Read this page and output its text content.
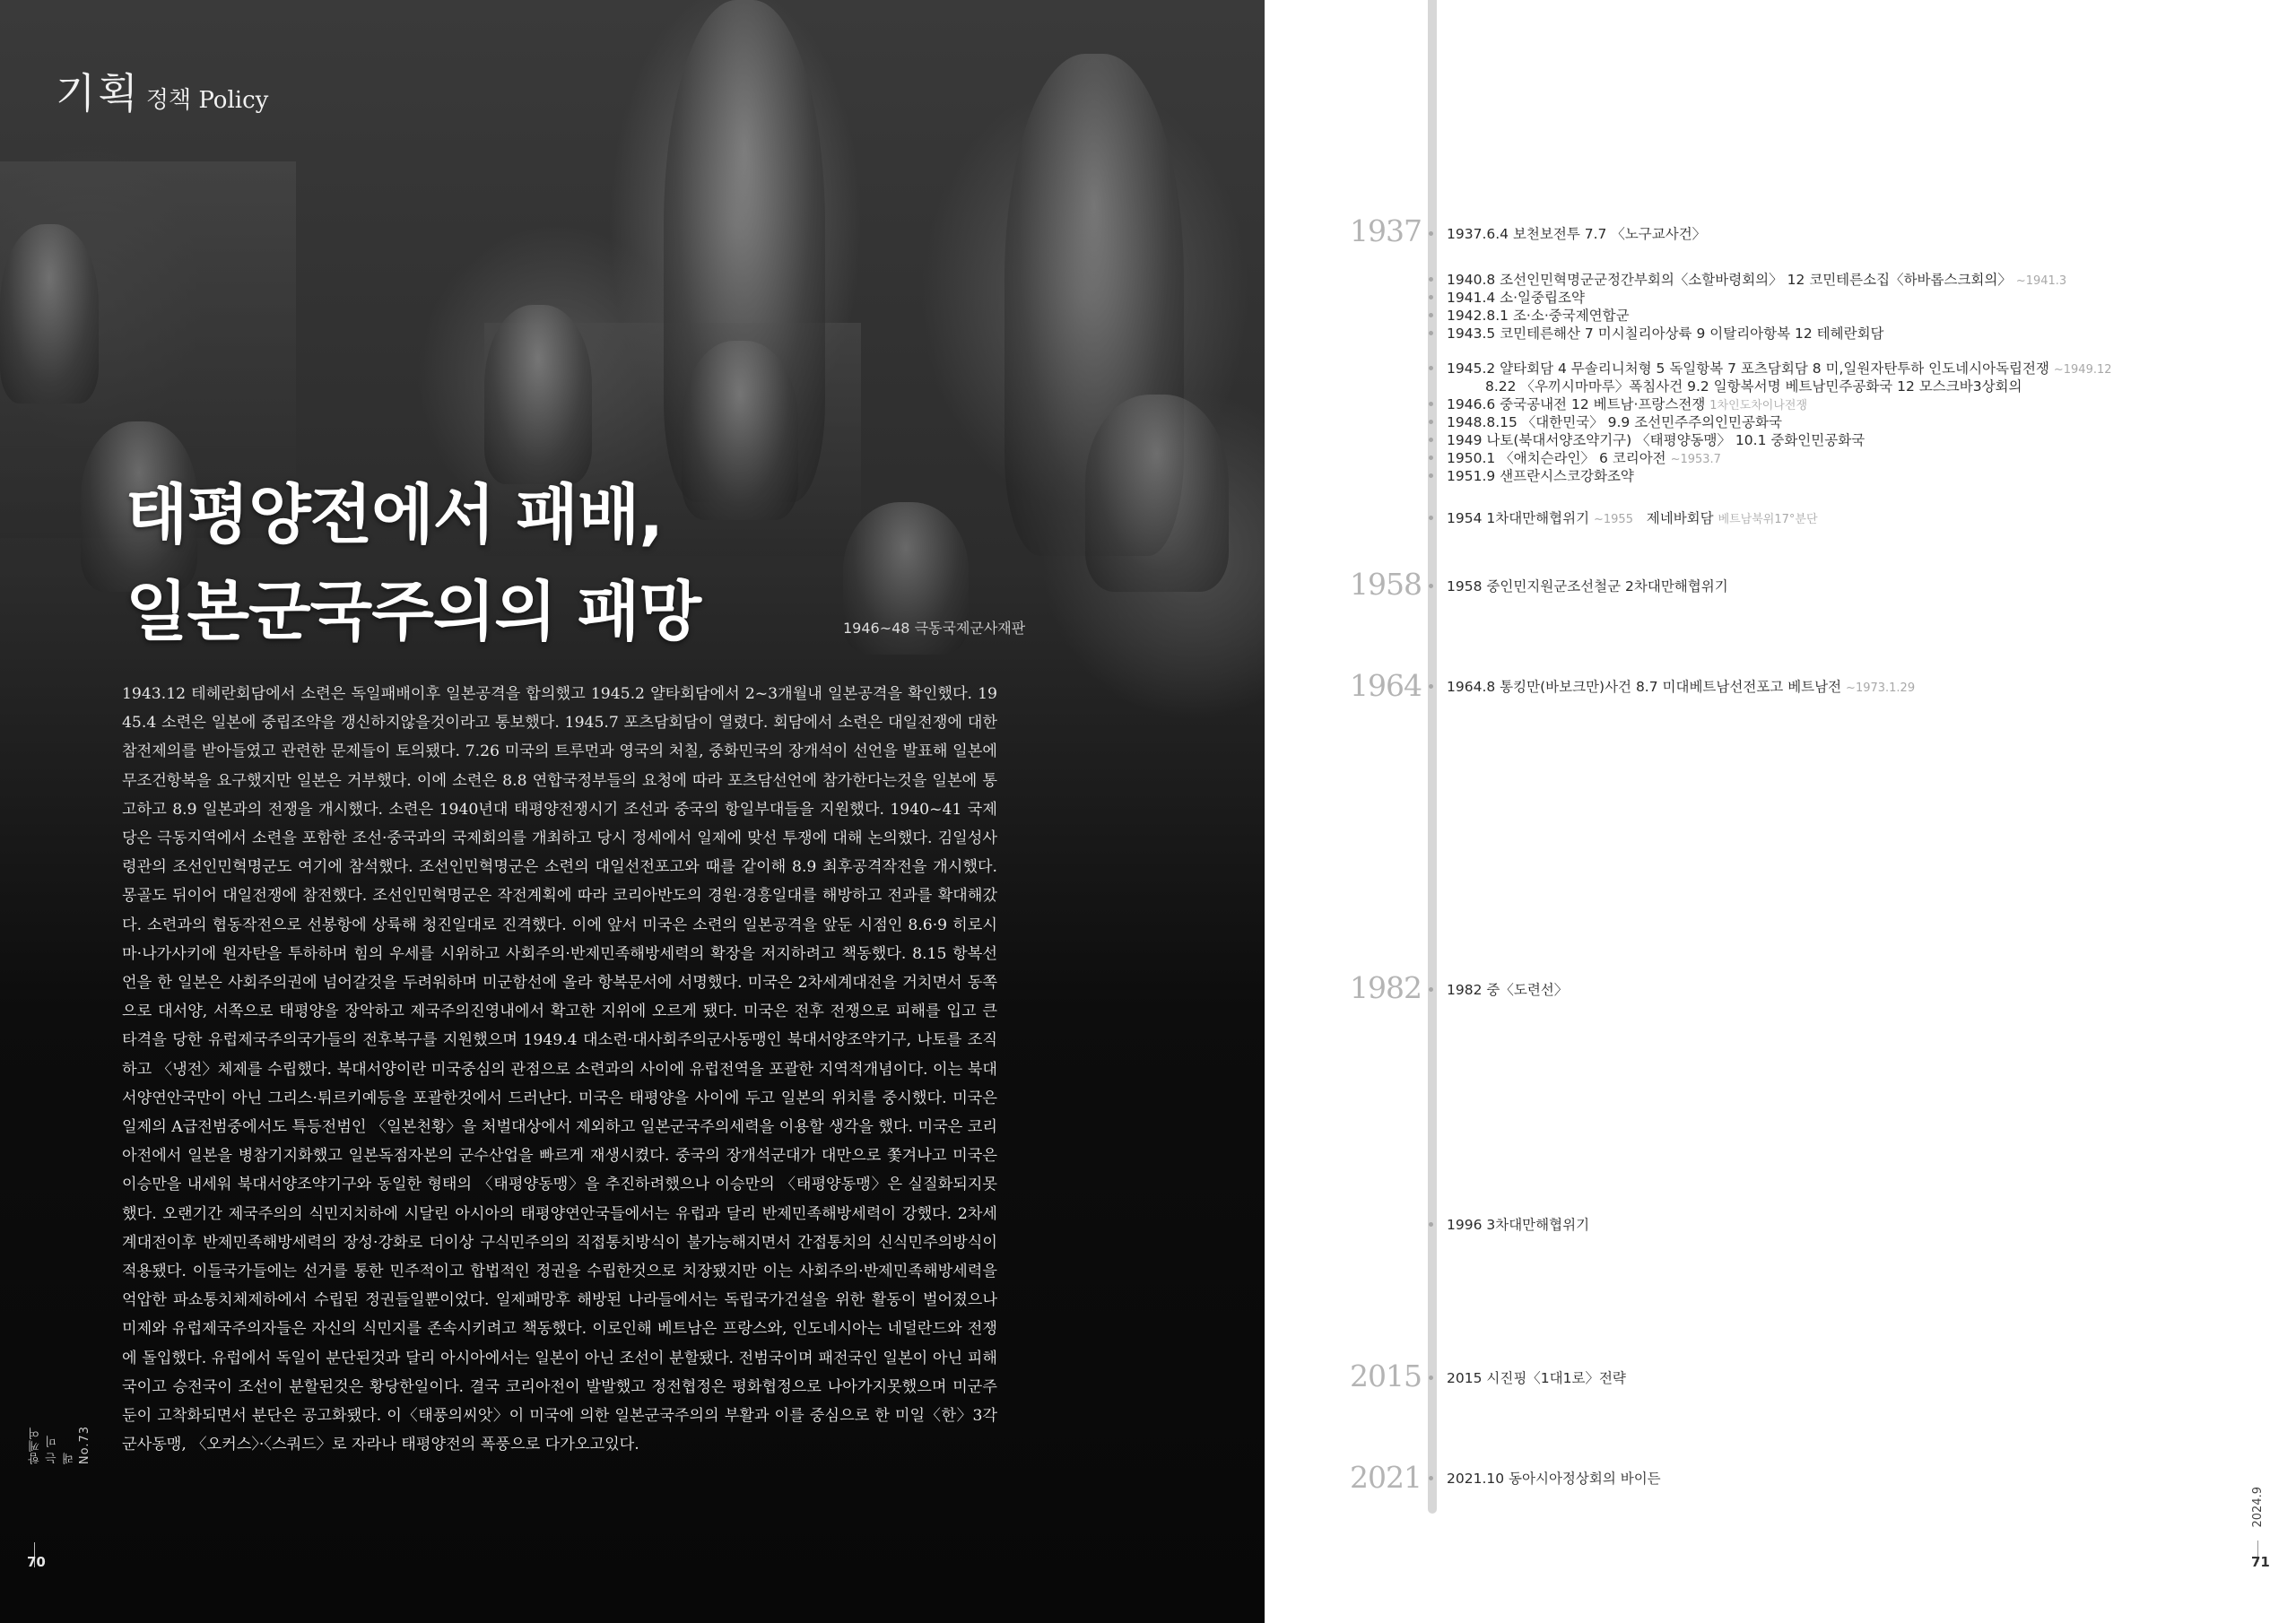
기획 정책 Policy
태평양전에서 패배,
일본군국주의의 패망	1946~48 극동국제군사재판

1943.12 테헤란회담에서 소련은 독일패배이후 일본공격을 합의했고 1945.2 얄타회담에서 2~3개월내 일본공격을 확인했다. 1945.4 소련은 일본에 중립조약을 갱신하지않을것이라고 통보했다. 1945.7 포츠담회담이 열렸다. 회담에서 소련은 대일전쟁에 대한 참전제의를 받아들였고 관련한 문제들이 토의됐다. 7.26 미국의 트루먼과 영국의 처칠, 중화민국의 장개석이 선언을 발표해 일본에 무조건항복을 요구했지만 일본은 거부했다. 이에 소련은 8.8 연합국정부들의 요청에 따라 포츠담선언에 참가한다는것을 일본에 통고하고 8.9 일본과의 전쟁을 개시했다. 소련은 1940년대 태평양전쟁시기 조선과 중국의 항일부대들을 지원했다. 1940~41 국제당은 극동지역에서 소련을 포함한 조선·중국과의 국제회의를 개최하고 당시 정세에서 일제에 맞선 투쟁에 대해 논의했다. 김일성사령관의 조선인민혁명군도 여기에 참석했다. 조선인민혁명군은 소련의 대일선전포고와 때를 같이해 8.9 최후공격작전을 개시했다. 몽골도 뒤이어 대일전쟁에 참전했다. 조선인민혁명군은 작전계획에 따라 코리아반도의 경원·경흥일대를 해방하고 전과를 확대해갔다. 소련과의 협동작전으로 선봉항에 상륙해 청진일대로 진격했다. 이에 앞서 미국은 소련의 일본공격을 앞둔 시점인 8.6·9 히로시마·나가사키에 원자탄을 투하하며 힘의 우세를 시위하고 사회주의·반제민족해방세력의 확장을 저지하려고 책동했다. 8.15 항복선언을 한 일본은 사회주의권에 넘어갈것을 두려워하며 미군함선에 올라 항복문서에 서명했다. 미국은 2차세계대전을 거치면서 동쪽으로 대서양, 서쪽으로 태평양을 장악하고 제국주의진영내에서 확고한 지위에 오르게 됐다. 미국은 전후 전쟁으로 피해를 입고 큰 타격을 당한 유럽제국주의국가들의 전후복구를 지원했으며 1949.4 대소련·대사회주의군사동맹인 북대서양조약기구, 나토를 조직하고 〈냉전〉체제를 수립했다. 북대서양이란 미국중심의 관점으로 소련과의 사이에 유럽전역을 포괄한 지역적개념이다. 이는 북대서양연안국만이 아닌 그리스·튀르키예등을 포괄한것에서 드러난다. 미국은 태평양을 사이에 두고 일본의 위치를 중시했다. 미국은 일제의 A급전범중에서도 특등전범인 〈일본천황〉을 처벌대상에서 제외하고 일본군국주의세력을 이용할 생각을 했다. 미국은 코리아전에서 일본을 병참기지화했고 일본독점자본의 군수산업을 빠르게 재생시켰다. 중국의 장개석군대가 대만으로 쫓겨나고 미국은 이승만을 내세워 북대서양조약기구와 동일한 형태의 〈태평양동맹〉을 추진하려했으나 이승만의 〈태평양동맹〉은 실질화되지못했다. 오랜기간 제국주의의 식민지치하에 시달린 아시아의 태평양연안국들에서는 유럽과 달리 반제민족해방세력이 강했다. 2차세계대전이후 반제민족해방세력의 장성·강화로 더이상 구식민주의의 직접통치방식이 불가능해지면서 간접통치의 신식민주의방식이 적용됐다. 이들국가들에는 선거를 통한 민주적이고 합법적인 정권을 수립한것으로 치장됐지만 이는 사회주의·반제민족해방세력을 억압한 파쇼통치체제하에서 수립된 정권들일뿐이었다. 일제패망후 해방된 나라들에서는 독립국가건설을 위한 활동이 벌어졌으나 미제와 유럽제국주의자들은 자신의 식민지를 존속시키려고 책동했다. 이로인해 베트남은 프랑스와, 인도네시아는 네덜란드와 전쟁에 돌입했다. 유럽에서 독일이 분단된것과 달리 아시아에서는 일본이 아닌 조선이 분할됐다. 전범국이며 패전국인 일본이 아닌 피해국이고 승전국이 조선이 분할된것은 황당한일이다. 결국 코리아전이 발발했고 정전협정은 평화협정으로 나아가지못했으며 미군주둔이 고착화되면서 분단은 공고화됐다. 이〈태풍의씨앗〉이 미국에 의한 일본군국주의의 부활과 이를 중심으로 한 미일〈한〉3각군사동맹, 〈오커스〉·〈스쿼드〉로 자라나 태평양전의 폭풍으로 다가오고있다.

함께여는 미래 No.73
70
1937
1958
1964
1982
2015
2021
1937.6.4 보천보전투 7.7 〈노구교사건〉
1940.8 조선인민혁명군군정간부회의〈소할바령회의〉 12 코민테른소집〈하바롭스크회의〉 ~1941.3
1941.4 소·일중립조약
1942.8.1 조·소·중국제연합군
1943.5 코민테른해산 7 미시칠리아상륙 9 이탈리아항복 12 테헤란회담
1945.2 얄타회담 4 무솔리니처형 5 독일항복 7 포츠담회담 8 미,일원자탄투하 인도네시아독립전쟁 ~1949.12
8.22 〈우끼시마마루〉폭침사건 9.2 일항복서명 베트남민주공화국 12 모스크바3상회의
1946.6 중국공내전 12 베트남·프랑스전쟁 1차인도차이나전쟁
1948.8.15 〈대한민국〉 9.9 조선민주주의인민공화국
1949 나토(북대서양조약기구) 〈태평양동맹〉 10.1 중화인민공화국
1950.1 〈애치슨라인〉 6 코리아전 ~1953.7
1951.9 샌프란시스코강화조약
1954 1차대만해협위기 ~1955 제네바회담 베트남북위17°분단
1958 중인민지원군조선철군 2차대만해협위기
1964.8 통킹만(바보크만)사건 8.7 미대베트남선전포고 베트남전 ~1973.1.29
1982 중〈도련선〉
1996 3차대만해협위기
2015 시진핑〈1대1로〉전략
2021.10 동아시아정상회의 바이든
2024.9
71
